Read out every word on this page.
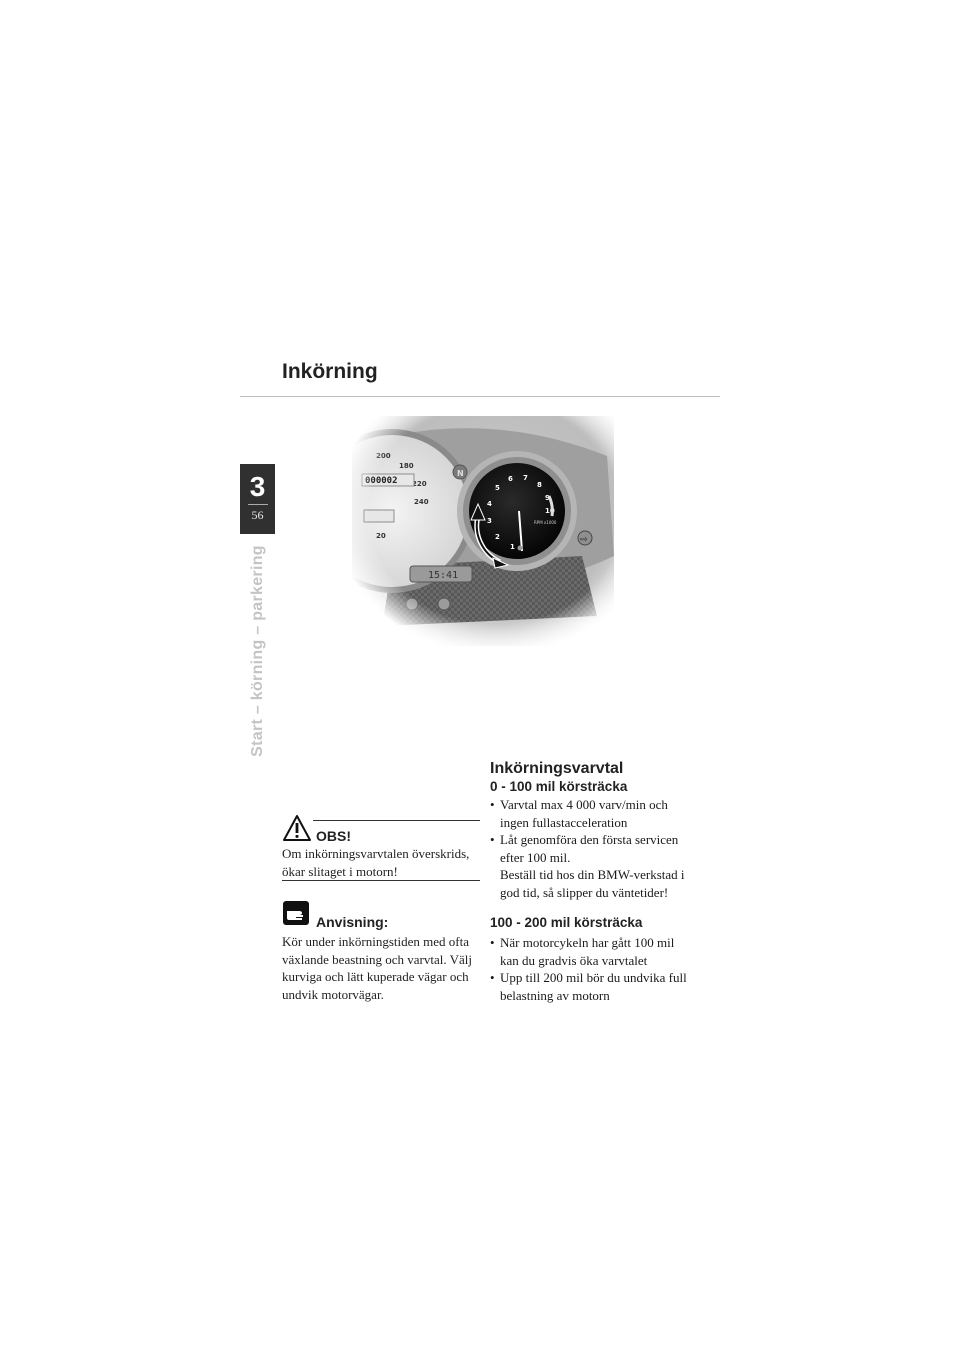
Inkörning
3
56
Start – körning – parkering
Inkörningsvarvtal
0 - 100 mil körsträcka
• Varvtal max 4 000 varv/min och
ingen fullastacceleration
• Låt genomföra den första servicen
efter 100 mil.
Beställ tid hos din BMW-verkstad i
god tid, så slipper du väntetider!
100 - 200 mil körsträcka
• När motorcykeln har gått 100 mil
kan du gradvis öka varvtalet
• Upp till 200 mil bör du undvika full
belastning av motorn
OBS!
Om inkörningsvarvtalen överskrids,
ökar slitaget i motorn!
Anvisning:
Kör under inkörningstiden med ofta
växlande beastning och varvtal. Välj
kurviga och lätt kuperade vägar och
undvik motorvägar.
